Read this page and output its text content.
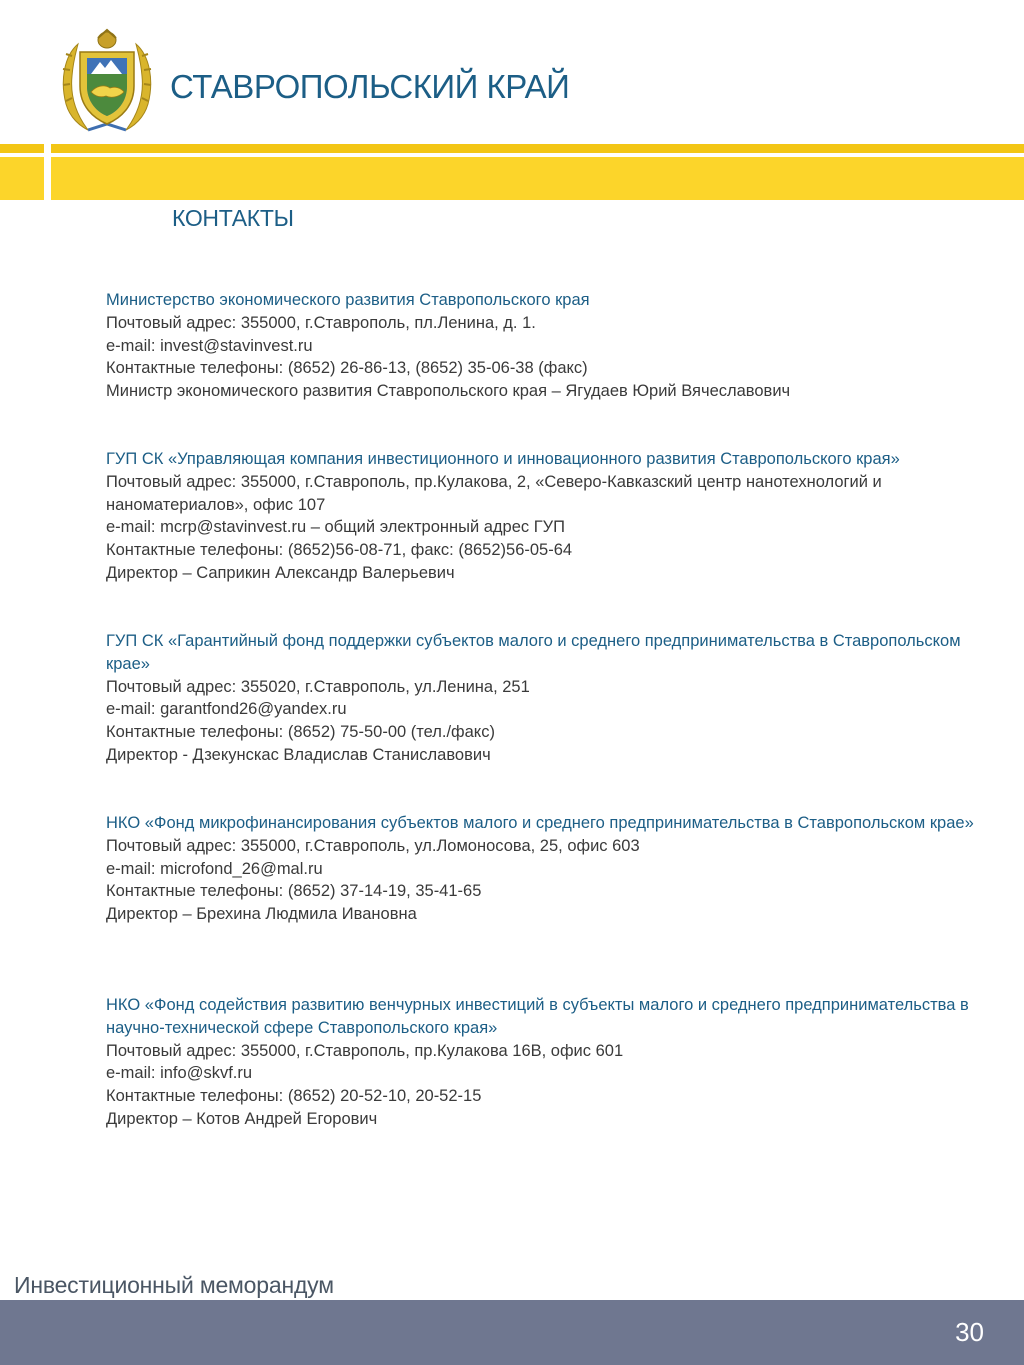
СТАВРОПОЛЬСКИЙ КРАЙ
КОНТАКТЫ
Министерство экономического развития Ставропольского края
Почтовый адрес: 355000, г.Ставрополь, пл.Ленина, д. 1.
e-mail: invest@stavinvest.ru
Контактные телефоны: (8652) 26-86-13, (8652) 35-06-38 (факс)
Министр экономического развития Ставропольского края – Ягудаев Юрий Вячеславович
ГУП СК «Управляющая компания инвестиционного и инновационного развития Ставропольского края»
Почтовый адрес: 355000, г.Ставрополь, пр.Кулакова, 2, «Северо-Кавказский центр нанотехнологий и наноматериалов», офис 107
e-mail: mcrp@stavinvest.ru – общий электронный адрес ГУП
Контактные телефоны: (8652)56-08-71, факс: (8652)56-05-64
Директор – Саприкин Александр Валерьевич
ГУП СК «Гарантийный фонд поддержки субъектов малого и среднего предпринимательства в Ставропольском крае»
Почтовый адрес: 355020, г.Ставрополь, ул.Ленина, 251
e-mail: garantfond26@yandex.ru
Контактные телефоны: (8652) 75-50-00 (тел./факс)
Директор - Дзекунскас Владислав Станиславович
НКО «Фонд микрофинансирования субъектов малого и среднего предпринимательства в Ставропольском крае»
Почтовый адрес: 355000, г.Ставрополь, ул.Ломоносова, 25, офис 603
e-mail: microfond_26@mal.ru
Контактные телефоны: (8652) 37-14-19, 35-41-65
Директор – Брехина Людмила Ивановна
НКО «Фонд содействия развитию венчурных инвестиций в субъекты малого и среднего предпринимательства в научно-технической сфере Ставропольского края»
Почтовый адрес: 355000, г.Ставрополь, пр.Кулакова 16В, офис 601
e-mail: info@skvf.ru
Контактные телефоны: (8652) 20-52-10, 20-52-15
Директор – Котов Андрей Егорович
Инвестиционный меморандум
30
